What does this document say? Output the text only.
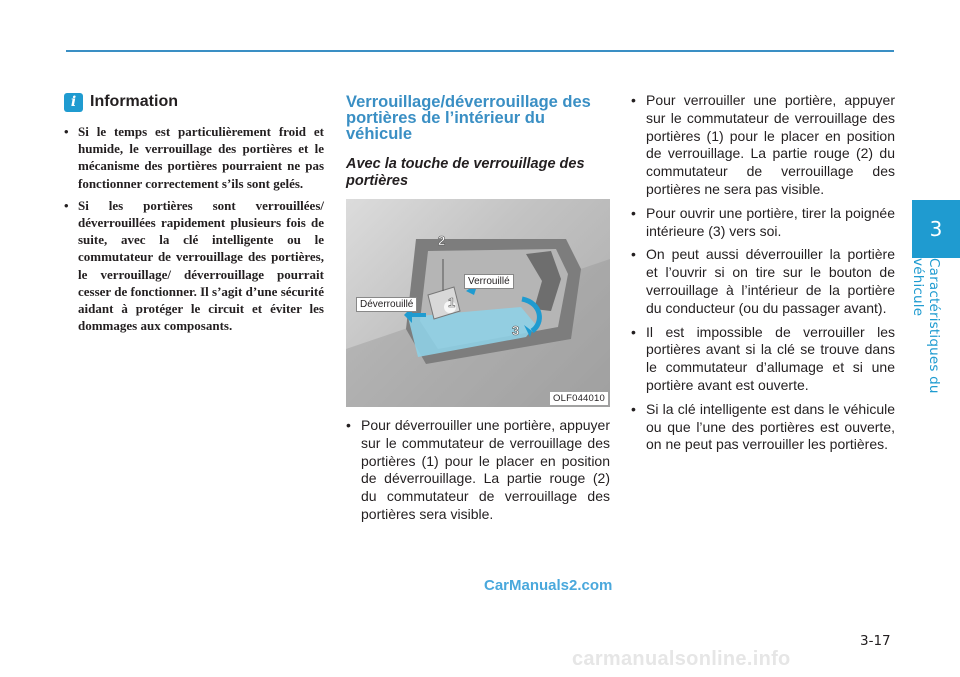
3
Caractéristiques du véhicule
i Information
• Si le temps est particulièrement froid et humide, le verrouillage des portières et le mécanisme des portières pourraient ne pas fonctionner correctement s’ils sont gelés.
• Si les portières sont verrouillées/ déverrouillées rapidement plusieurs fois de suite, avec la clé intelligente ou le commutateur de verrouillage des portières, le verrouillage/ déverrouillage pourrait cesser de fonctionner. Il s’agit d’une sécurité aidant à protéger le circuit et éviter les dommages aux composants.
Verrouillage/déverrouillage des portières de l’intérieur du véhicule
Avec la touche de verrouillage des portières
Verrouillé
Déverrouillé
2
1
3
OLF044010
• Pour déverrouiller une portière, appuyer sur le commutateur de verrouillage des portières (1) pour le placer en position de déverrouillage. La partie rouge (2) du commutateur de verrouillage des portières sera visible.
• Pour verrouiller une portière, appuyer sur le commutateur de verrouillage des portières (1) pour le placer en position de verrouillage. La partie rouge (2) du commutateur de verrouillage des portières ne sera pas visible.
• Pour ouvrir une portière, tirer la poignée intérieure (3) vers soi.
• On peut aussi déverrouiller la portière et l’ouvrir si on tire sur le bouton de verrouillage à l’intérieur de la portière du conducteur (ou du passager avant).
• Il est impossible de verrouiller les portières avant si la clé se trouve dans le commutateur d’allumage et si une portière avant est ouverte.
• Si la clé intelligente est dans le véhicule ou que l’une des portières est ouverte, on ne peut pas verrouiller les portières.
CarManuals2.com
3-17
carmanualsonline.info
